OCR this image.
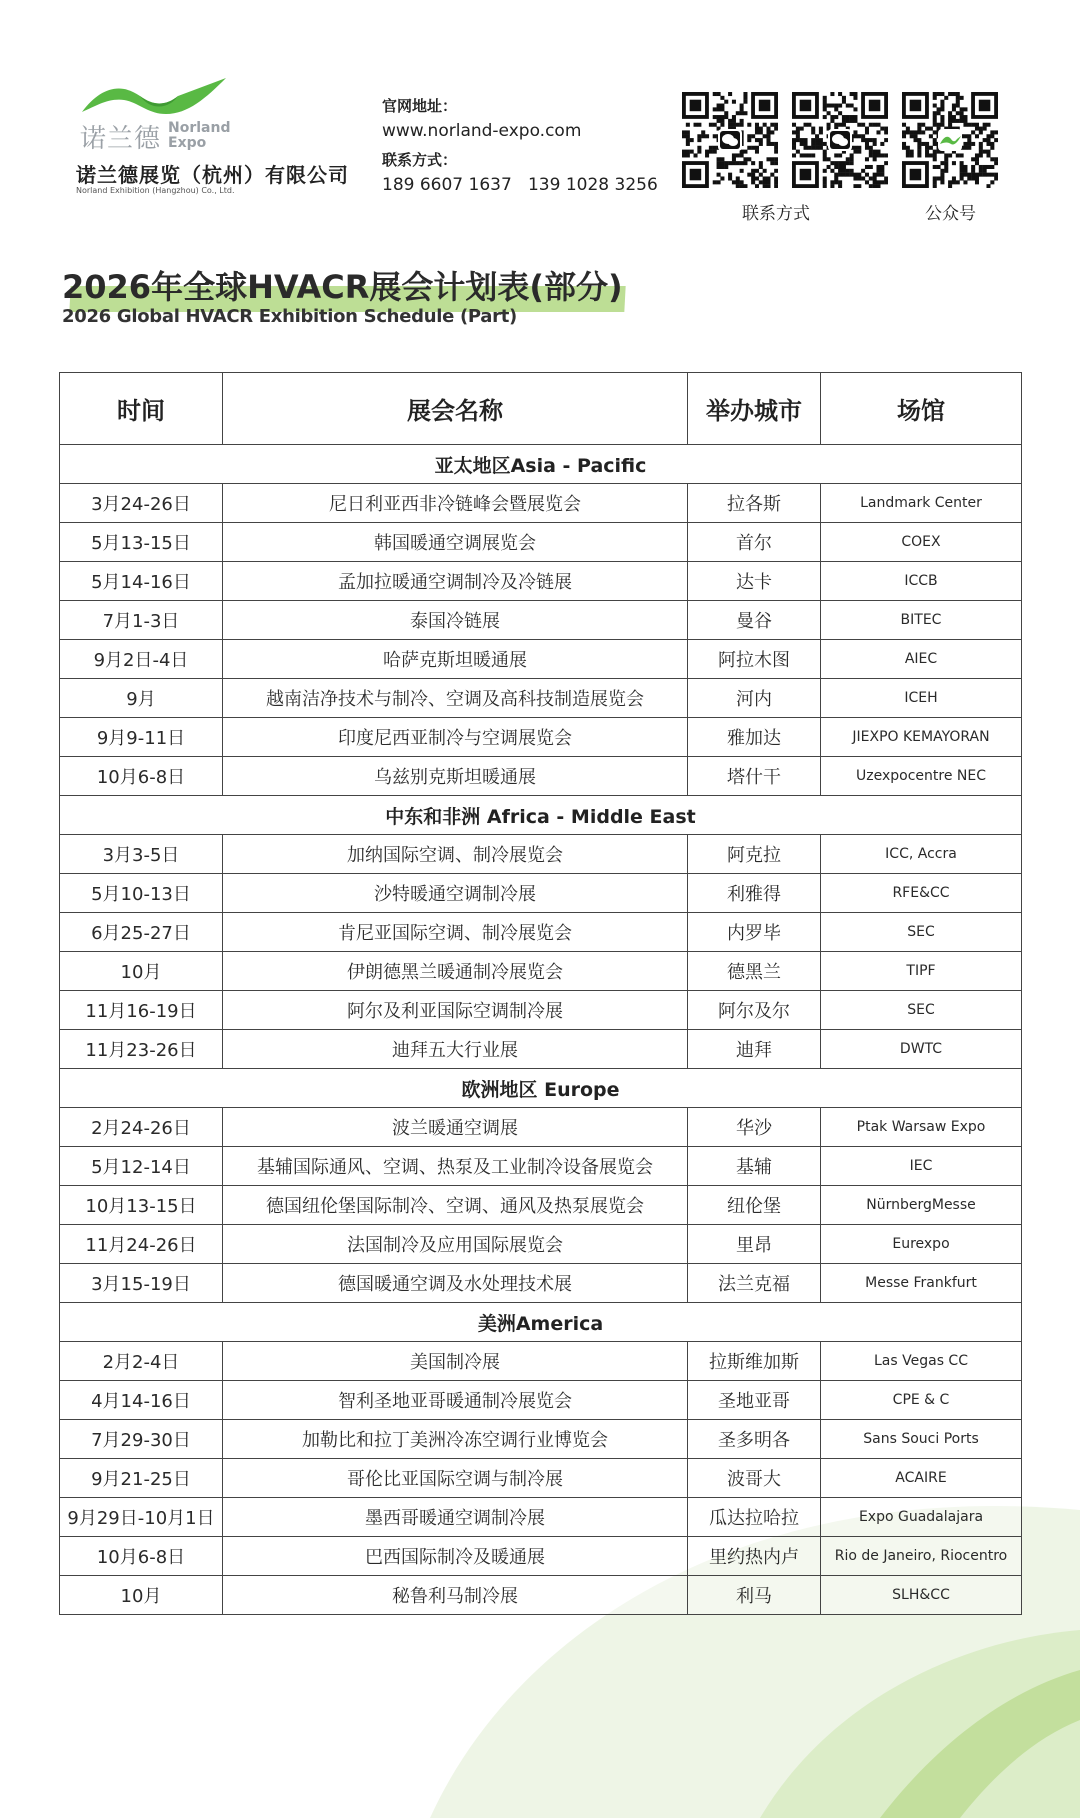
诺兰德 Norland
Expo
诺兰德展览（杭州）有限公司
Norland Exhibition (Hangzhou) Co., Ltd.
官网地址：
www.norland-expo.com
联系方式：
189 6607 1637   139 1028 3256
联系方式	公众号
2026年全球HVACR展会计划表(部分)
2026 Global HVACR Exhibition Schedule (Part)
时间	展会名称	举办城市	场馆
亚太地区Asia - Pacific			
3月24-26日	尼日利亚西非冷链峰会暨展览会	拉各斯	Landmark Center
5月13-15日	韩国暖通空调展览会	首尔	COEX
5月14-16日	孟加拉暖通空调制冷及冷链展	达卡	ICCB
7月1-3日	泰国冷链展	曼谷	BITEC
9月2日-4日	哈萨克斯坦暖通展	阿拉木图	AIEC
9月	越南洁净技术与制冷、空调及高科技制造展览会	河内	ICEH
9月9-11日	印度尼西亚制冷与空调展览会	雅加达	JIEXPO KEMAYORAN
10月6-8日	乌兹别克斯坦暖通展	塔什干	Uzexpocentre NEC
中东和非洲 Africa - Middle East			
3月3-5日	加纳国际空调、制冷展览会	阿克拉	ICC, Accra
5月10-13日	沙特暖通空调制冷展	利雅得	RFE&CC
6月25-27日	肯尼亚国际空调、制冷展览会	内罗毕	SEC
10月	伊朗德黑兰暖通制冷展览会	德黑兰	TIPF
11月16-19日	阿尔及利亚国际空调制冷展	阿尔及尔	SEC
11月23-26日	迪拜五大行业展	迪拜	DWTC
欧洲地区 Europe			
2月24-26日	波兰暖通空调展	华沙	Ptak Warsaw Expo
5月12-14日	基辅国际通风、空调、热泵及工业制冷设备展览会	基辅	IEC
10月13-15日	德国纽伦堡国际制冷、空调、通风及热泵展览会	纽伦堡	NürnbergMesse
11月24-26日	法国制冷及应用国际展览会	里昂	Eurexpo
3月15-19日	德国暖通空调及水处理技术展	法兰克福	Messe Frankfurt
美洲America			
2月2-4日	美国制冷展	拉斯维加斯	Las Vegas CC
4月14-16日	智利圣地亚哥暖通制冷展览会	圣地亚哥	CPE & C
7月29-30日	加勒比和拉丁美洲冷冻空调行业博览会	圣多明各	Sans Souci Ports
9月21-25日	哥伦比亚国际空调与制冷展	波哥大	ACAIRE
9月29日-10月1日	墨西哥暖通空调制冷展	瓜达拉哈拉	Expo Guadalajara
10月6-8日	巴西国际制冷及暖通展	里约热内卢	Rio de Janeiro, Riocentro
10月	秘鲁利马制冷展	利马	SLH&CC
